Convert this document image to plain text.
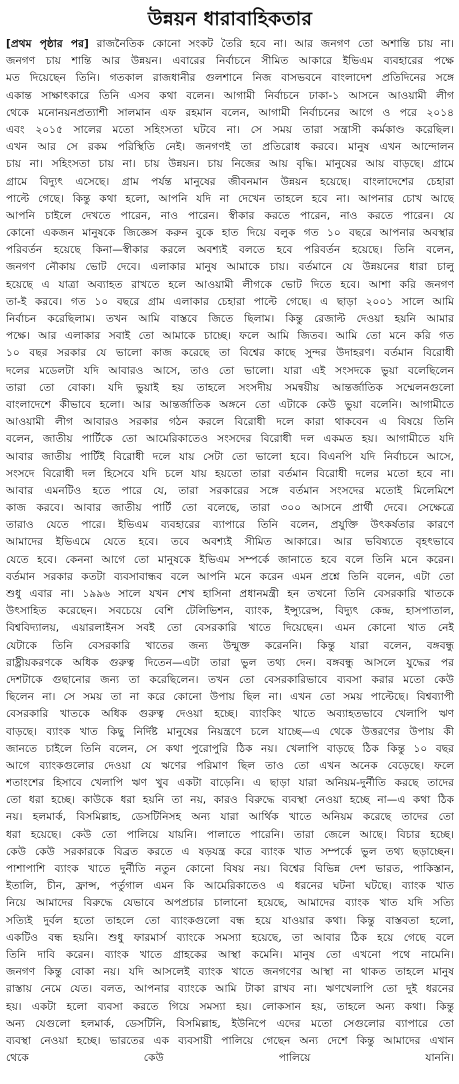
উন্নয়ন ধারাবাহিকতার

[প্রথম পৃষ্ঠার পর] রাজনৈতিক কোনো সংকট তৈরি হবে না। আর জনগণ তো অশান্তি চায় না।

জনগণ চায় শান্তি আর উন্নয়ন। এবারের নির্বাচনে সীমিত আকারে ইভিএম ব্যবহারের পক্ষে

মত দিয়েছেন তিনি। গতকাল রাজধানীর গুলশানে নিজ বাসভবনে বাংলাদেশ প্রতিদিনের সঙ্গে

একান্ত সাক্ষাৎকারে তিনি এসব কথা বলেন। আগামী নির্বাচনে ঢাকা-১ আসনে আওয়ামী লীগ

থেকে মনোনয়নপ্রত্যাশী সালমান এফ রহমান বলেন, আগামী নির্বাচনের আগে ও পরে ২০১৪

এবং ২০১৫ সালের মতো সহিংসতা ঘটবে না। সে সময় তারা সন্ত্রাসী কর্মকাণ্ড করেছিল।

এখন আর সে রকম পরিস্থিতি নেই। জনগণই তা প্রতিরোধ করবে। মানুষ এখন আন্দোলন

চায় না। সহিংসতা চায় না। চায় উন্নয়ন। চায় নিজের আয় বৃদ্ধি। মানুষের আয় বাড়ছে। গ্রামে

গ্রামে বিদ্যুৎ এসেছে। গ্রাম পর্যন্ত মানুষের জীবনমান উন্নয়ন হয়েছে। বাংলাদেশের চেহারা

পাল্টে গেছে। কিন্তু কথা হলো, আপনি যদি না দেখেন তাহলে হবে না। আপনার চোখ আছে

আপনি চাইলে দেখতে পারেন, নাও পারেন। স্বীকার করতে পারেন, নাও করতে পারেন। যে

কোনো একজন মানুষকে জিজ্ঞেস করুন বুকে হাত দিয়ে বলুক গত ১০ বছরে আপনার অবস্থার

পরিবর্তন হয়েছে কিনা—স্বীকার করলে অবশ্যই বলতে হবে পরিবর্তন হয়েছে। তিনি বলেন,

জনগণ নৌকায় ভোট দেবে। এলাকার মানুষ আমাকে চায়। বর্তমানে যে উন্নয়নের ধারা চালু

হয়েছে এ যাত্রা অব্যাহত রাখতে হলে আওয়ামী লীগকে ভোট দিতে হবে। আশা করি জনগণ

তা-ই করবে। গত ১০ বছরে গ্রাম এলাকার চেহারা পাল্টে গেছে। এ ছাড়া ২০০১ সালে আমি

নির্বাচন করেছিলাম। তখন আমি বাস্তবে জিতে ছিলাম। কিন্তু রেজাল্ট দেওয়া হয়নি আমার

পক্ষে। আর এলাকার সবাই তো আমাকে চাচ্ছে। ফলে আমি জিতব। আমি তো মনে করি গত

১০ বছর সরকার যে ভালো কাজ করেছে তা বিশ্বের কাছে সুন্দর উদাহরণ। বর্তমান বিরোধী

দলের মডেলটা যদি আবারও আসে, তাও তো ভালো। যারা এই সংসদকে ভুয়া বলেছিলেন

তারা তো বোকা। যদি ভুয়াই হয় তাহলে সংসদীয় সমন্বয়ীয় আন্তর্জাতিক সম্মেলনগুলো

বাংলাদেশে কীভাবে হলো। আর আন্তর্জাতিক অঙ্গনে তো এটাকে কেউ ভুয়া বলেনি। আগামীতে

আওয়ামী লীগ আবারও সরকার গঠন করলে বিরোধী দলে কারা থাকবেন এ বিষয়ে তিনি

বলেন, জাতীয় পার্টিকে তো আমেরিকাতেও সংসদের বিরোধী দল একমত হয়। আগামীতে যদি

আবার জাতীয় পার্টিই বিরোধী দলে যায় সেটা তো ভালো হবে। বিএনপি যদি নির্বাচনে আসে,

সংসদে বিরোধী দল হিসেবে যদি চলে যায় হয়তো তারা বর্তমান বিরোধী দলের মতো হবে না।

আবার এমনটিও হতে পারে যে, তারা সরকারের সঙ্গে বর্তমান সংসদের মতোই মিলেমিশে

কাজ করবে। আবার জাতীয় পার্টি তো বলেছে, তারা ৩০০ আসনে প্রার্থী দেবে। সেক্ষেত্রে

তারাও যেতে পারে। ইভিএম ব্যবহারের ব্যাপারে তিনি বলেন, প্রযুক্তি উৎকর্ষতার কারণে

আমাদের ইভিএমে যেতে হবে। তবে অবশ্যই সীমিত আকারে। আর ভবিষ্যতে বৃহৎভাবে

যেতে হবে। কেননা আগে তো মানুষকে ইভিএম সম্পর্কে জানাতে হবে বলে তিনি মনে করেন।

বর্তমান সরকার কতটা ব্যবসাবান্ধব বলে আপনি মনে করেন এমন প্রশ্নে তিনি বলেন, এটা তো

শুধু এবার না। ১৯৯৬ সালে যখন শেখ হাসিনা প্রধানমন্ত্রী হন তখনো তিনি বেসরকারি খাতকে

উৎসাহিত করেছেন। সবচেয়ে বেশি টেলিভিশন, ব্যাংক, ইন্স্যুরেন্স, বিদ্যুৎ কেন্দ্র, হাসপাতাল,

বিশ্ববিদ্যালয়, এয়ারলাইনস সবই তো বেসরকারি খাতে দিয়েছেন। এমন কোনো খাত নেই

যেটাকে তিনি বেসরকারি খাতের জন্য উন্মুক্ত করেননি। কিন্তু যারা বলেন, বঙ্গবন্ধু

রাষ্ট্রীয়করণকে অধিক গুরুত্ব দিতেন—এটা তারা ভুল তথ্য দেন। বঙ্গবন্ধু আসলে যুদ্ধের পর

দেশটাকে গুছানোর জন্য তা করেছিলেন। তখন তো বেসরকারিভাবে ব্যবসা করার মতো কেউ

ছিলেন না। সে সময় তা না করে কোনো উপায় ছিল না। এখন তো সময় পাল্টেছে। বিশ্বব্যাপী

বেসরকারি খাতকে অধিক গুরুত্ব দেওয়া হচ্ছে। ব্যাংকিং খাতে অব্যাহতভাবে খেলাপি ঋণ

বাড়ছে। ব্যাংক খাত কিছু নির্দিষ্ট মানুষের নিয়ন্ত্রণে চলে যাচ্ছে—এ থেকে উত্তরণের উপায় কী

জানতে চাইলে তিনি বলেন, সে কথা পুরোপুরি ঠিক নয়। খেলাপি বাড়ছে ঠিক কিন্তু ১০ বছর

আগে ব্যাংকগুলোর দেওয়া যে ঋণের পরিমাণ ছিল তাও তো এখন অনেক বেড়েছে। ফলে

শতাংশের হিসাবে খেলাপি ঋণ খুব একটা বাড়েনি। এ ছাড়া যারা অনিয়ম-দুর্নীতি করছে তাদের

তো ধরা হচ্ছে। কাউকে ধরা হয়নি তা নয়, কারও বিরুদ্ধে ব্যবস্থা নেওয়া হচ্ছে না—এ কথা ঠিক

নয়। হলমার্ক, বিসমিল্লাহ, ডেসটিনিসহ অন্য যারা আর্থিক খাতে অনিয়ম করেছে তাদের তো

ধরা হয়েছে। কেউ তো পালিয়ে যায়নি। পালাতে পারেনি। তারা জেলে আছে। বিচার হচ্ছে।

কেউ কেউ সরকারকে বিব্রত করতে এ ষড়যন্ত্র করে ব্যাংক খাত সম্পর্কে ভুল তথ্য ছড়াচ্ছেন।

পাশাপাশি ব্যাংক খাতে দুর্নীতি নতুন কোনো বিষয় নয়। বিশ্বের বিভিন্ন দেশ ভারত, পাকিস্তান,

ইতালি, চীন, ফ্রান্স, পর্তুগাল এমন কি আমেরিকাতেও এ ধরনের ঘটনা ঘটছে। ব্যাংক খাত

নিয়ে আমাদের বিরুদ্ধে যেভাবে অপপ্রচার চালানো হয়েছে, আমাদের ব্যাংক খাত যদি সত্যি

সত্যিই দুর্বল হতো তাহলে তো ব্যাংকগুলো বন্ধ হয়ে যাওয়ার কথা। কিন্তু বাস্তবতা হলো,

একটিও বন্ধ হয়নি। শুধু ফারমার্স ব্যাংকে সমস্যা হয়েছে, তা আবার ঠিক হয়ে গেছে বলে

তিনি দাবি করেন। ব্যাংক খাতে গ্রাহকের আস্থা কমেনি। মানুষ তো এখনো পথে নামেনি।

জনগণ কিন্তু বোকা নয়। যদি আসলেই ব্যাংক খাতে জনগণের আস্থা না থাকত তাহলে মানুষ

রাস্তায় নেমে যেত। বলত, আপনার ব্যাংকে আমি টাকা রাখব না। ঋণখেলাপি তো দুই ধরনের

হয়। একটা হলো ব্যবসা করতে গিয়ে সমস্যা হয়। লোকসান হয়, তাহলে অন্য কথা। কিন্তু

অন্য যেগুলো হলমার্ক, ডেসটিনি, বিসমিল্লাহ, ইউনিপে এদের মতো সেগুলোর ব্যাপারে তো

ব্যবস্থা নেওয়া হচ্ছে। ভারতের এক ব্যবসায়ী পালিয়ে গেছেন অন্য দেশে কিন্তু আমাদের এখান

থেকে কেউ পালিয়ে যাননি।
